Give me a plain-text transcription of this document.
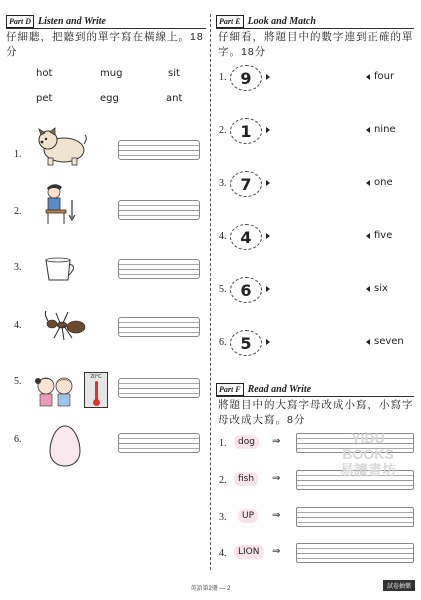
Part D Listen and Write
仔細聽，把聽到的單字寫在橫線上。18分
hot	mug	sit
pet	egg	ant
1.
2.
3.
4.
5.	20°C
6.
Part E Look and Match
仔細看，將題目中的數字連到正確的單字。18分
1. 9	four
2. 1	nine
3. 7	one
4. 4	five
5. 6	six
6. 5	seven
Part F Read and Write
將題目中的大寫字母改成小寫，小寫字母改成大寫。8分
1.	dog	⇒
2.	fish	⇒
3.	UP	⇒
4.	LION	⇒
YIDU
BOOKS
易讀書坊
英語第2冊 — 2	試卷抽樂
